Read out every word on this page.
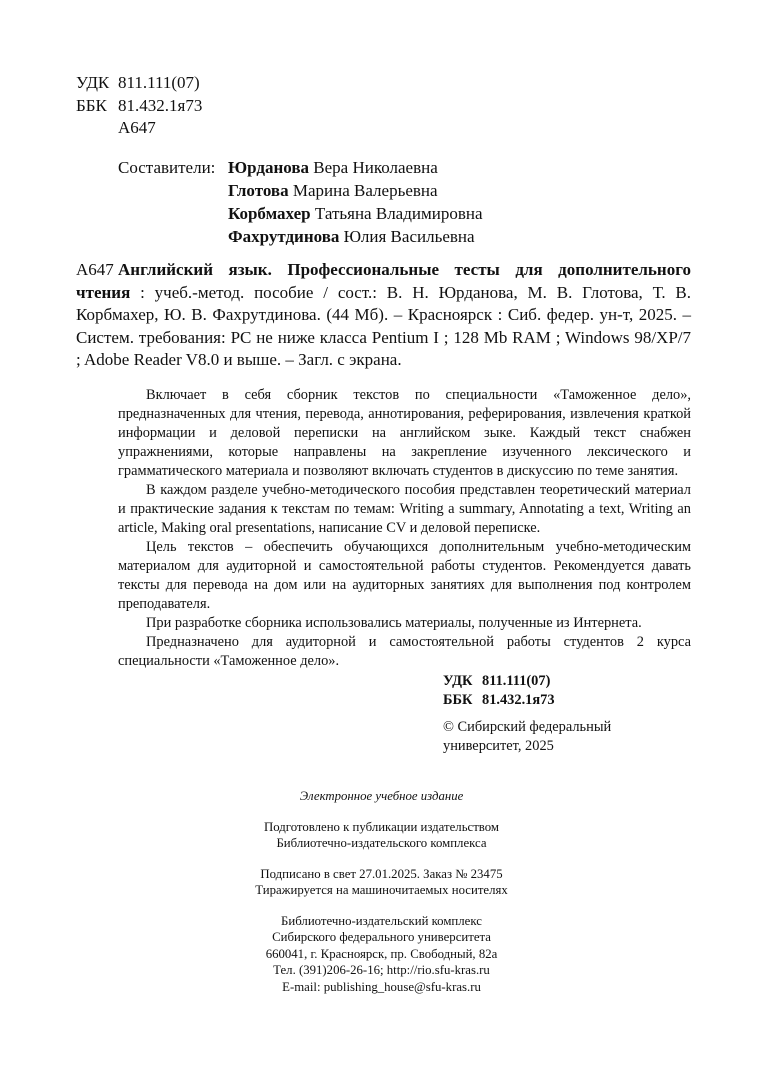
УДК 811.111(07)
ББК 81.432.1я73
А647
Составители: Юрданова Вера Николаевна
Глотова Марина Валерьевна
Корбмахер Татьяна Владимировна
Фахрутдинова Юлия Васильевна
А647 Английский язык. Профессиональные тесты для дополнительного чтения : учеб.-метод. пособие / сост.: В. Н. Юрданова, М. В. Глотова, Т. В. Корбмахер, Ю. В. Фахрутдинова. (44 Мб). – Красноярск : Сиб. федер. ун-т, 2025. – Систем. требования: PC не ниже класса Pentium I ; 128 Mb RAM ; Windows 98/XP/7 ; Adobe Reader V8.0 и выше. – Загл. с экрана.

Включает в себя сборник текстов по специальности «Таможенное дело», предназначенных для чтения, перевода, аннотирования, реферирования, извлечения краткой информации и деловой переписки на английском зыке. Каждый текст снабжен упражнениями, которые направлены на закрепление изученного лексического и грамматического материала и позволяют включать студентов в дискуссию по теме занятия.

В каждом разделе учебно-методического пособия представлен теоретический материал и практические задания к текстам по темам: Writing a summary, Annotating a text, Writing an article, Making oral presentations, написание CV и деловой переписке.

Цель текстов – обеспечить обучающихся дополнительным учебно-методическим материалом для аудиторной и самостоятельной работы студентов. Рекомендуется давать тексты для перевода на дом или на аудиторных занятиях для выполнения под контролем преподавателя.

При разработке сборника использовались материалы, полученные из Интернета.

Предназначено для аудиторной и самостоятельной работы студентов 2 курса специальности «Таможенное дело».

УДК 811.111(07)
ББК 81.432.1я73
© Сибирский федеральный
университет, 2025
Электронное учебное издание
Подготовлено к публикации издательством
Библиотечно-издательского комплекса
Подписано в свет 27.01.2025. Заказ № 23475
Тиражируется на машиночитаемых носителях
Библиотечно-издательский комплекс
Сибирского федерального университета
660041, г. Красноярск, пр. Свободный, 82а
Тел. (391)206-26-16; http://rio.sfu-kras.ru
E-mail: publishing_house@sfu-kras.ru
